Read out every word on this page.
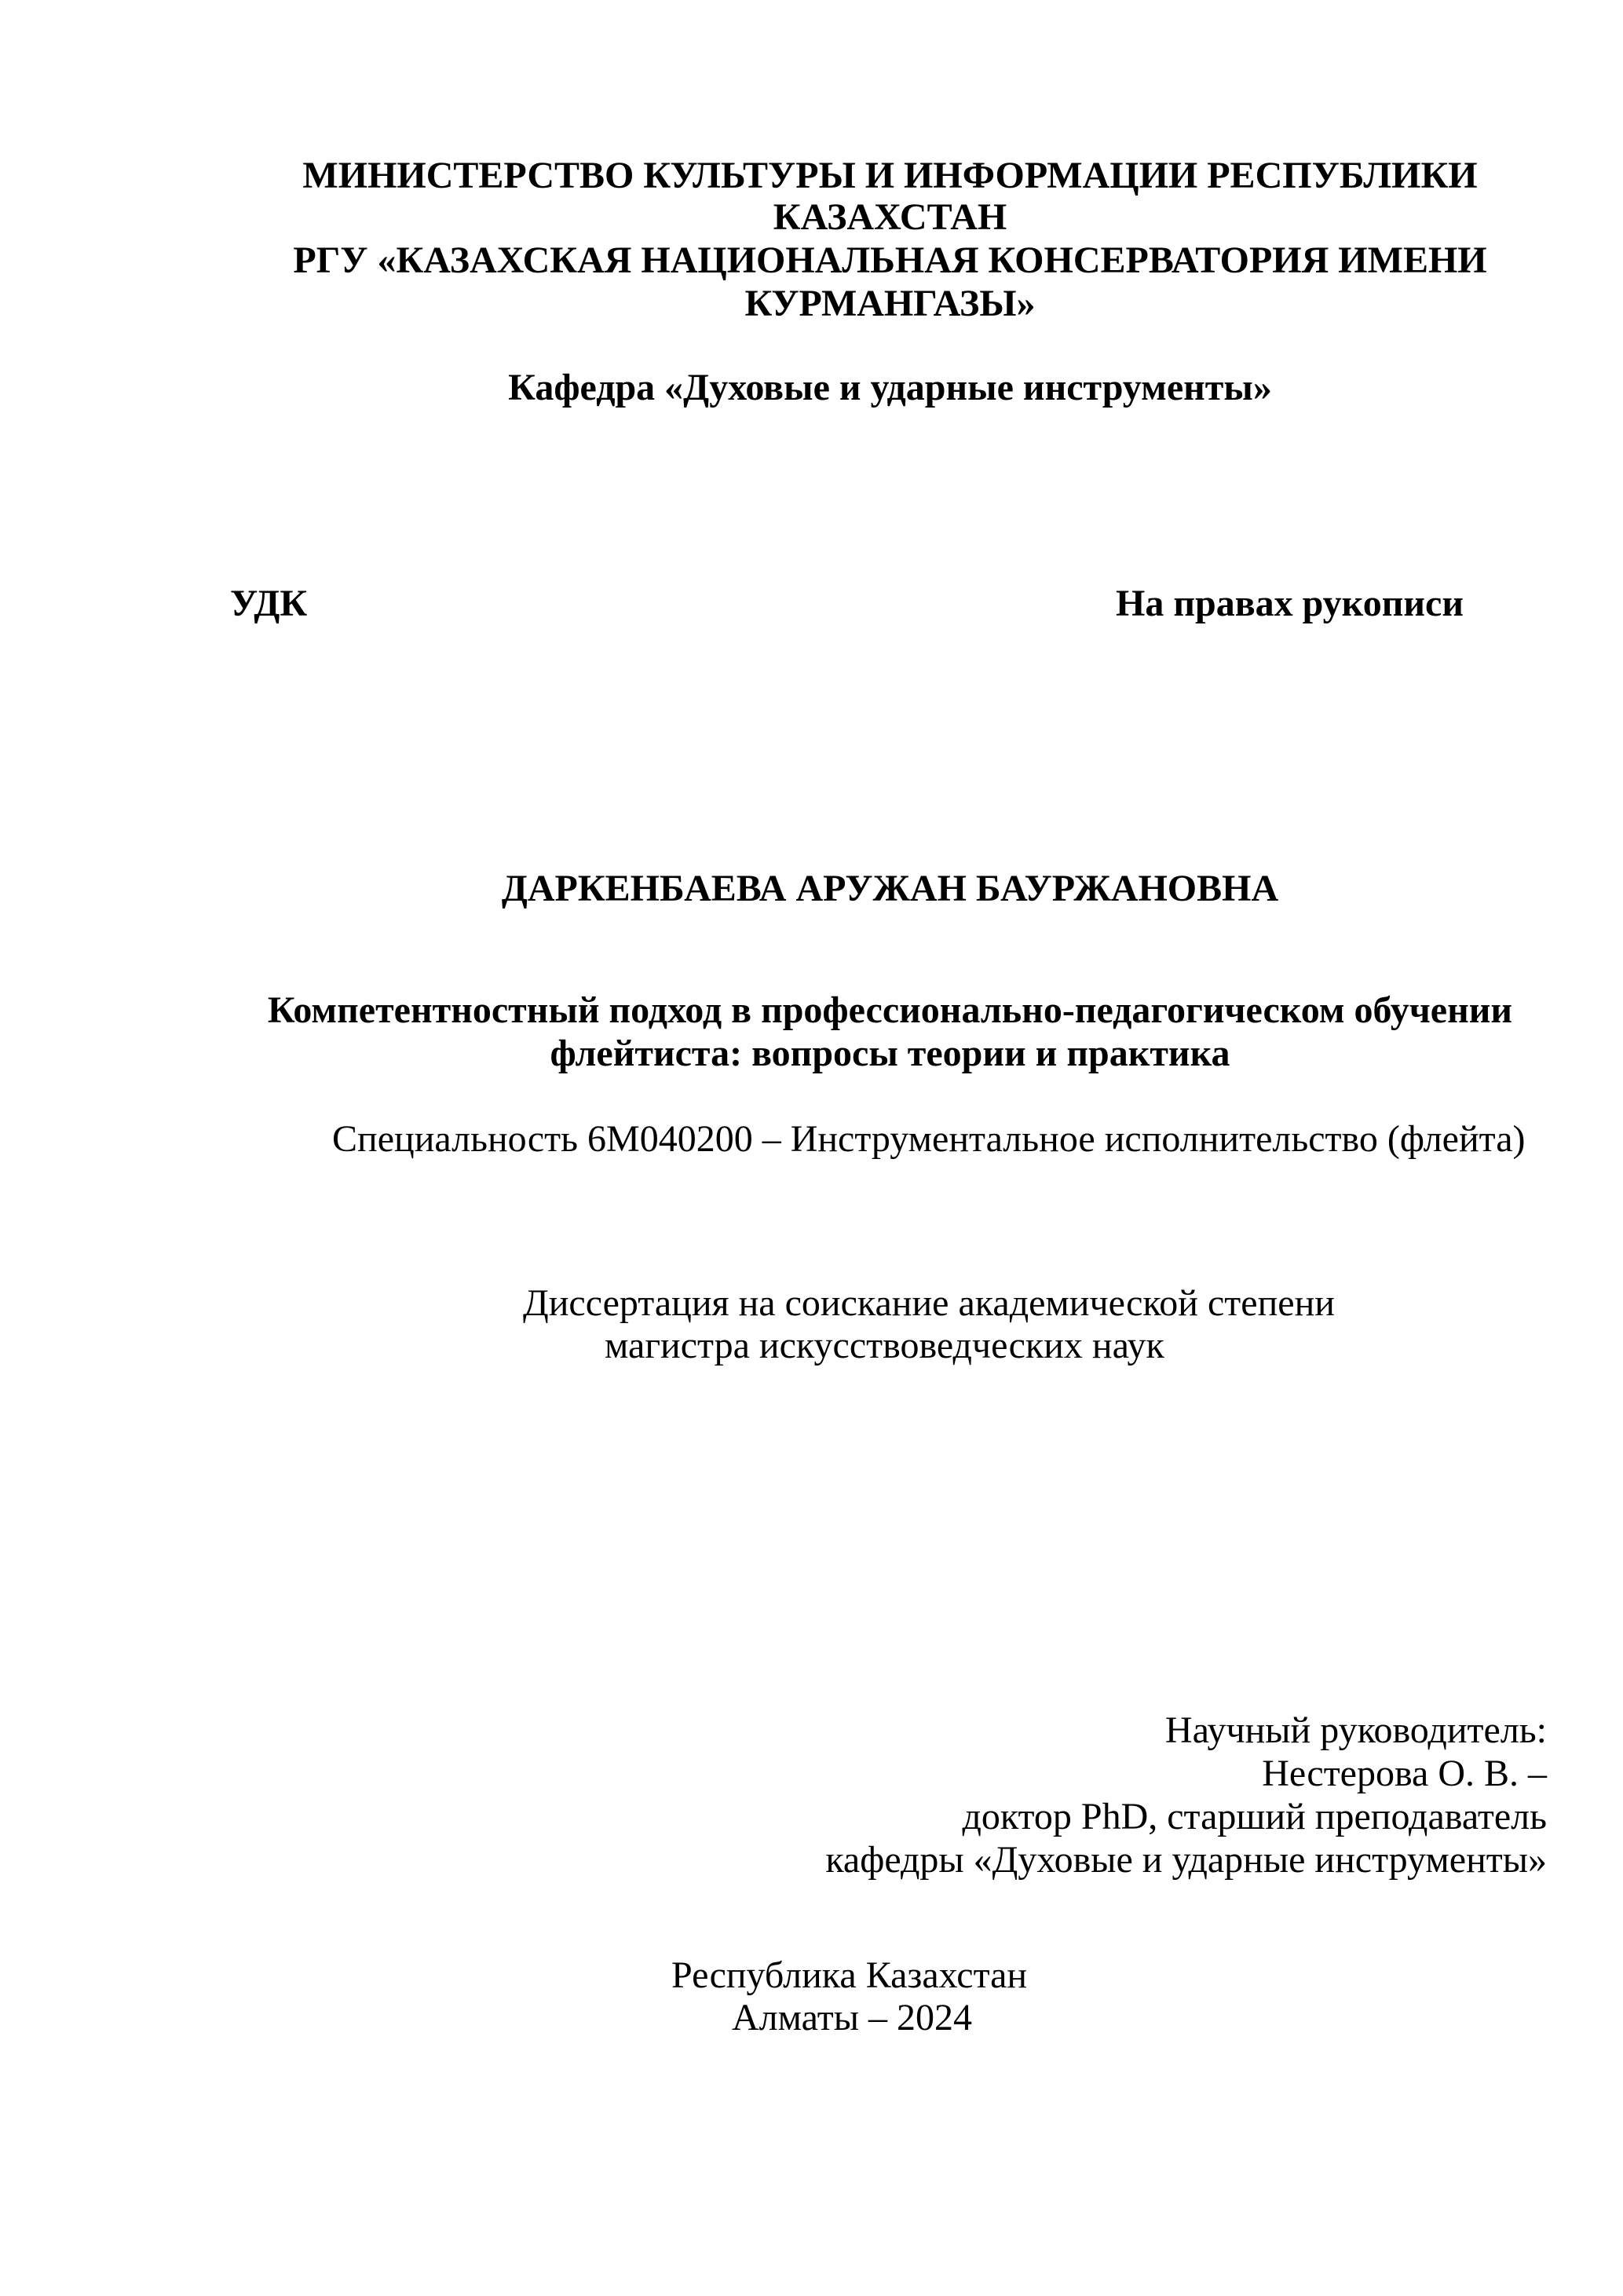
МИНИСТЕРСТВО КУЛЬТУРЫ И ИНФОРМАЦИИ РЕСПУБЛИКИ
КАЗАХСТАН
РГУ «КАЗАХСКАЯ НАЦИОНАЛЬНАЯ КОНСЕРВАТОРИЯ ИМЕНИ
КУРМАНГАЗЫ»
Кафедра «Духовые и ударные инструменты»
УДК	На правах рукописи
ДАРКЕНБАЕВА АРУЖАН БАУРЖАНОВНА
Компетентностный подход в профессионально-педагогическом обучении
флейтиста: вопросы теории и практика
Специальность 6М040200 – Инструментальное исполнительство (флейта)
Диссертация на соискание академической степени
магистра искусствоведческих наук
Научный руководитель:
Нестерова О. В. –
доктор PhD, старший преподаватель
кафедры «Духовые и ударные инструменты»
Республика Казахстан
Алматы – 2024
